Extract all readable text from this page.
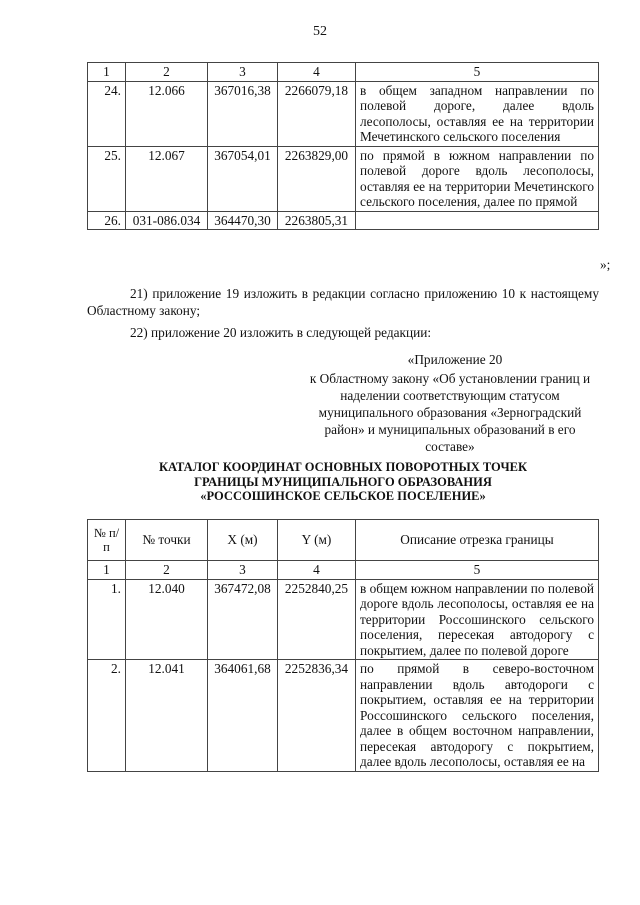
52
1	2	3	4	5
24.	12.066	367016,38	2266079,18	в общем западном направлении по полевой дороге, далее вдоль лесополосы, оставляя ее на территории Мечетинского сельского поселения
25.	12.067	367054,01	2263829,00	по прямой в южном направлении по полевой дороге вдоль лесополосы, оставляя ее на территории Мечетинского сельского поселения, далее по прямой
26.	031-086.034	364470,30	2263805,31	
»;
21) приложение 19 изложить в редакции согласно приложению 10 к настоящему Областному закону;
22) приложение 20 изложить в следующей редакции:
«Приложение 20
к Областному закону «Об установлении границ и наделении соответствующим статусом муниципального образования «Зерноградский район» и муниципальных образований в его составе»
КАТАЛОГ КООРДИНАТ ОСНОВНЫХ ПОВОРОТНЫХ ТОЧЕК
ГРАНИЦЫ МУНИЦИПАЛЬНОГО ОБРАЗОВАНИЯ
«РОССОШИНСКОЕ СЕЛЬСКОЕ ПОСЕЛЕНИЕ»
№ п/п	№ точки	X (м)	Y (м)	Описание отрезка границы
1	2	3	4	5
1.	12.040	367472,08	2252840,25	в общем южном направлении по полевой дороге вдоль лесополосы, оставляя ее на территории Россошинского сельского поселения, пересекая автодорогу с покрытием, далее по полевой дороге
2.	12.041	364061,68	2252836,34	по прямой в северо-восточном направлении вдоль автодороги с покрытием, оставляя ее на территории Россошинского сельского поселения, далее в общем восточном направлении, пересекая автодорогу с покрытием, далее вдоль лесополосы, оставляя ее на
